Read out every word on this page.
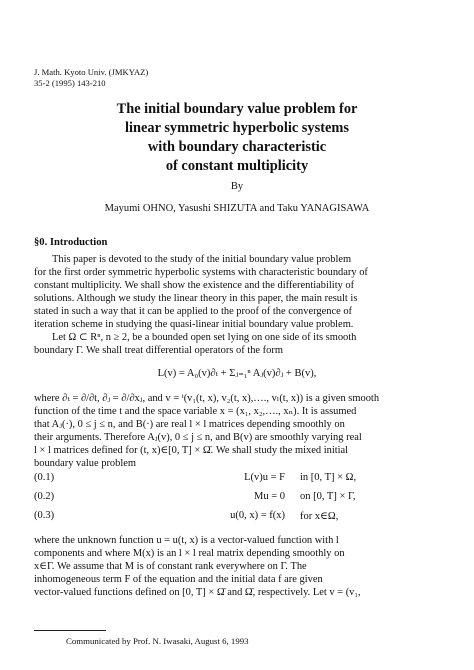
J. Math. Kyoto Univ. (JMKYAZ)
35-2 (1995) 143-210
The initial boundary value problem for
linear symmetric hyperbolic systems
with boundary characteristic
of constant multiplicity
By
Mayumi OHNO, Yasushi SHIZUTA and Taku YANAGISAWA
§0. Introduction
This paper is devoted to the study of the initial boundary value problem
for the first order symmetric hyperbolic systems with characteristic boundary of
constant multiplicity. We shall show the existence and the differentiability of
solutions. Although we study the linear theory in this paper, the main result is
stated in such a way that it can be applied to the proof of the convergence of
iteration scheme in studying the quasi-linear initial boundary value problem.
Let Ω ⊂ Rⁿ, n ≥ 2, be a bounded open set lying on one side of its smooth
boundary Γ. We shall treat differential operators of the form
L(v) = A₀(v)∂ₜ + Σⱼ₌₁ⁿ Aⱼ(v)∂ⱼ + B(v),
where ∂ₜ = ∂/∂t, ∂ⱼ = ∂/∂xⱼ, and v = ᵗ(v₁(t, x), v₂(t, x),…., vₗ(t, x)) is a given smooth
function of the time t and the space variable x = (x₁, x₂,…., xₙ). It is assumed
that Aⱼ(·), 0 ≤ j ≤ n, and B(·) are real l × l matrices depending smoothly on
their arguments. Therefore Aⱼ(v), 0 ≤ j ≤ n, and B(v) are smoothly varying real
l × l matrices defined for (t, x)∈[0, T] × Ω̄. We shall study the mixed initial
boundary value problem
(0.1)	L(v)u = F in [0, T] × Ω,
(0.2)	Mu = 0 on [0, T] × Γ,
(0.3)	u(0, x) = f(x) for x∈Ω,
where the unknown function u = u(t, x) is a vector-valued function with l
components and where M(x) is an l × l real matrix depending smoothly on
x∈Γ. We assume that M is of constant rank everywhere on Γ. The
inhomogeneous term F of the equation and the initial data f are given
vector-valued functions defined on [0, T] × Ω̄ and Ω̄, respectively. Let v = (v₁,
Communicated by Prof. N. Iwasaki, August 6, 1993
